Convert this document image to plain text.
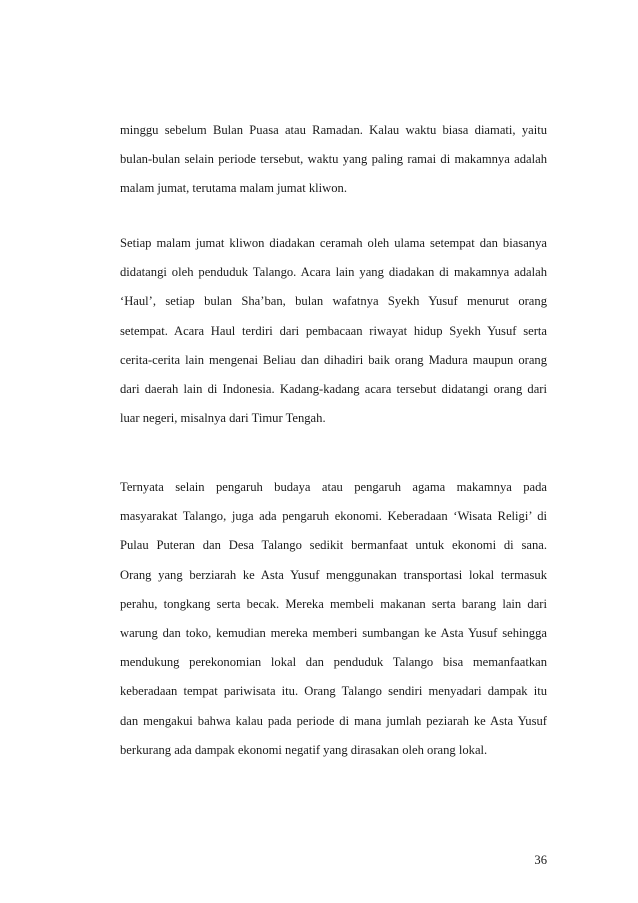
minggu sebelum Bulan Puasa atau Ramadan. Kalau waktu biasa diamati, yaitu
bulan-bulan selain periode tersebut, waktu yang paling ramai di makamnya adalah
malam jumat, terutama malam jumat kliwon.

Setiap malam jumat kliwon diadakan ceramah oleh ulama setempat dan biasanya
didatangi oleh penduduk Talango. Acara lain yang diadakan di makamnya adalah
‘Haul’, setiap bulan Sha’ban, bulan wafatnya Syekh Yusuf menurut orang
setempat. Acara Haul terdiri dari pembacaan riwayat hidup Syekh Yusuf serta
cerita-cerita lain mengenai Beliau dan dihadiri baik orang Madura maupun orang
dari daerah lain di Indonesia. Kadang-kadang acara tersebut didatangi orang dari
luar negeri, misalnya dari Timur Tengah.

Ternyata selain pengaruh budaya atau pengaruh agama makamnya pada
masyarakat Talango, juga ada pengaruh ekonomi. Keberadaan ‘Wisata Religi’ di
Pulau Puteran dan Desa Talango sedikit bermanfaat untuk ekonomi di sana.
Orang yang berziarah ke Asta Yusuf menggunakan transportasi lokal termasuk
perahu, tongkang serta becak. Mereka membeli makanan serta barang lain dari
warung dan toko, kemudian mereka memberi sumbangan ke Asta Yusuf sehingga
mendukung perekonomian lokal dan penduduk Talango bisa memanfaatkan
keberadaan tempat pariwisata itu. Orang Talango sendiri menyadari dampak itu
dan mengakui bahwa kalau pada periode di mana jumlah peziarah ke Asta Yusuf
berkurang ada dampak ekonomi negatif yang dirasakan oleh orang lokal.

36
